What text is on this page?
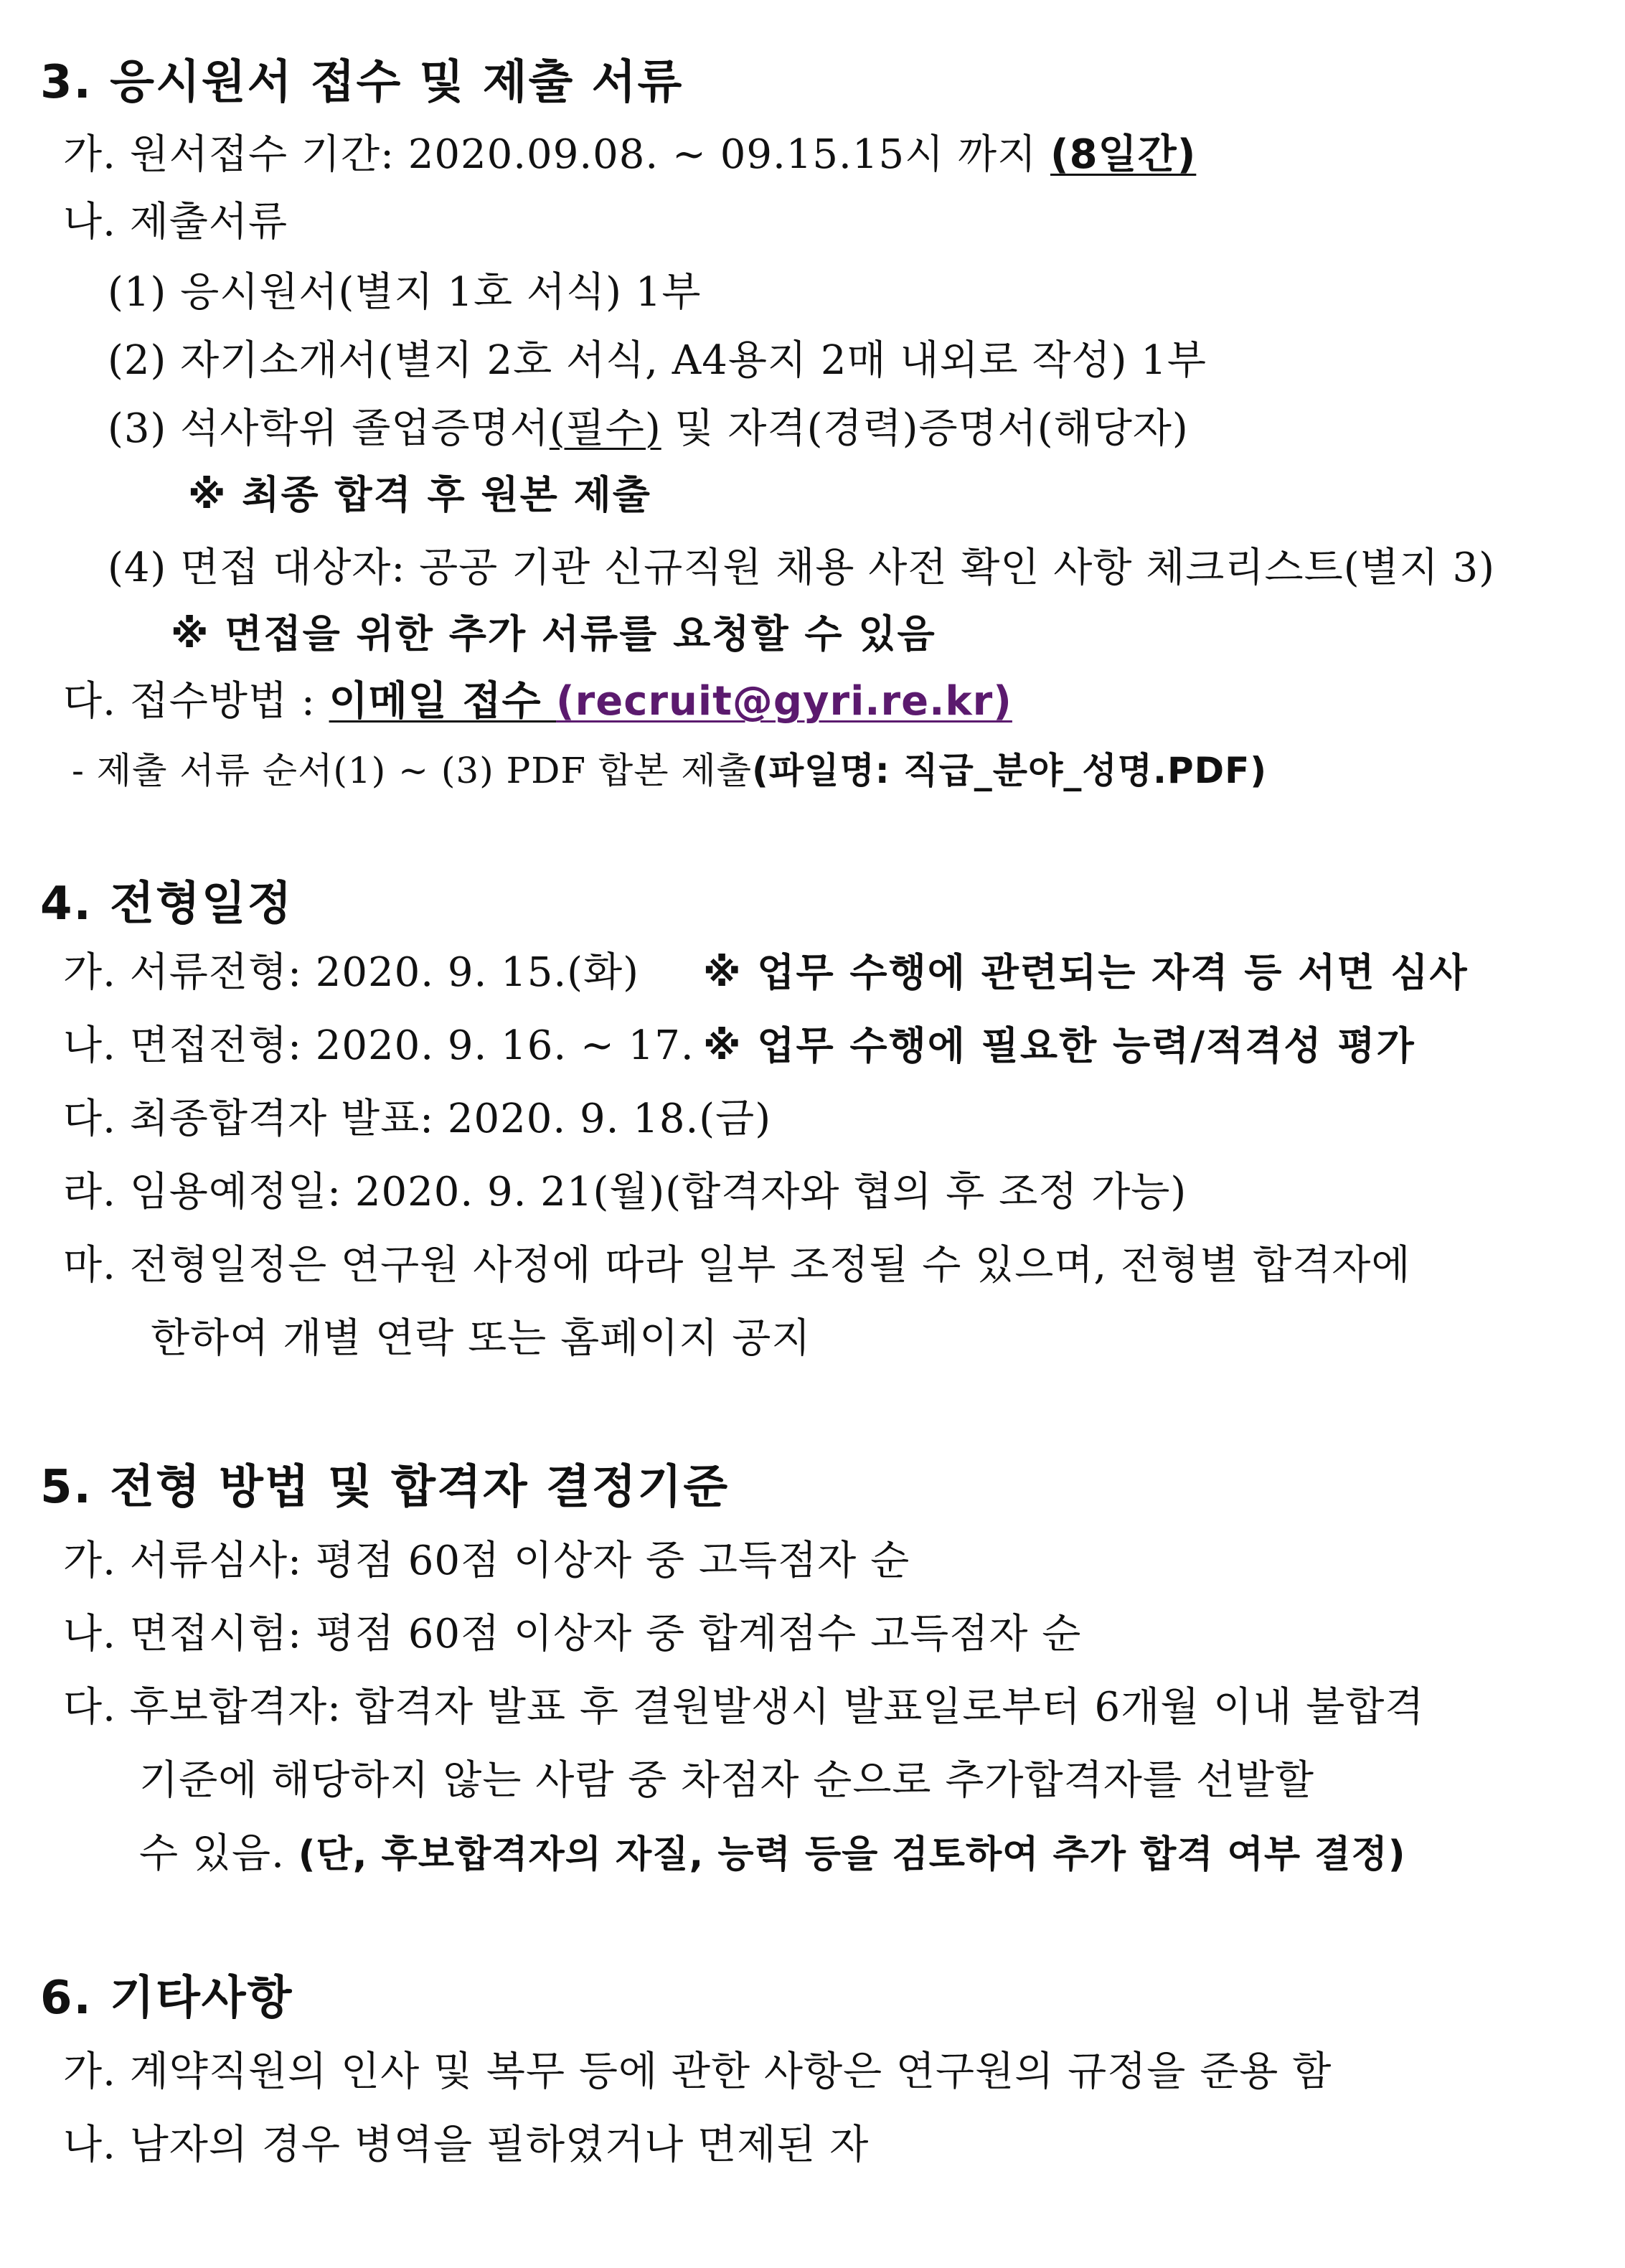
3. 응시원서 접수 및 제출 서류
가. 원서접수 기간: 2020.09.08. ~ 09.15.15시 까지 (8일간)
나. 제출서류
(1) 응시원서(별지 1호 서식) 1부
(2) 자기소개서(별지 2호 서식, A4용지 2매 내외로 작성) 1부
(3) 석사학위 졸업증명서(필수) 및 자격(경력)증명서(해당자)
※ 최종 합격 후 원본 제출
(4) 면접 대상자: 공공 기관 신규직원 채용 사전 확인 사항 체크리스트(별지 3)
※ 면접을 위한 추가 서류를 요청할 수 있음
다. 접수방법 : 이메일 접수 (recruit@gyri.re.kr)
- 제출 서류 순서(1) ~ (3) PDF 합본 제출(파일명: 직급_분야_성명.PDF)
4. 전형일정
가. 서류전형: 2020. 9. 15.(화) ※ 업무 수행에 관련되는 자격 등 서면 심사
나. 면접전형: 2020. 9. 16. ~ 17. ※ 업무 수행에 필요한 능력/적격성 평가
다. 최종합격자 발표: 2020. 9. 18.(금)
라. 임용예정일: 2020. 9. 21(월)(합격자와 협의 후 조정 가능)
마. 전형일정은 연구원 사정에 따라 일부 조정될 수 있으며, 전형별 합격자에
한하여 개별 연락 또는 홈페이지 공지
5. 전형 방법 및 합격자 결정기준
가. 서류심사: 평점 60점 이상자 중 고득점자 순
나. 면접시험: 평점 60점 이상자 중 합계점수 고득점자 순
다. 후보합격자: 합격자 발표 후 결원발생시 발표일로부터 6개월 이내 불합격
기준에 해당하지 않는 사람 중 차점자 순으로 추가합격자를 선발할
수 있음. (단, 후보합격자의 자질, 능력 등을 검토하여 추가 합격 여부 결정)
6. 기타사항
가. 계약직원의 인사 및 복무 등에 관한 사항은 연구원의 규정을 준용 함
나. 남자의 경우 병역을 필하였거나 면제된 자
